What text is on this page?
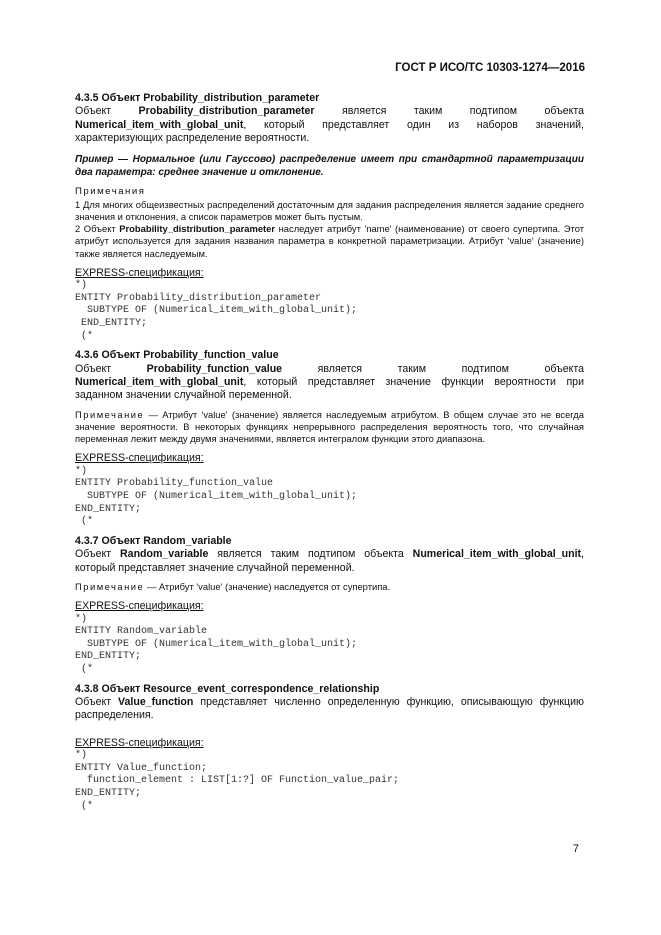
ГОСТ Р ИСО/ТС 10303-1274—2016

4.3.5 Объект Probability_distribution_parameter

Объект Probability_distribution_parameter является таким подтипом объекта Numerical_item_with_global_unit, который представляет один из наборов значений, характеризующих распределение вероятности.

Пример — Нормальное (или Гауссово) распределение имеет при стандартной параметризации два параметра: среднее значение и отклонение.

Примечания

1 Для многих общеизвестных распределений достаточным для задания распределения является задание среднего значения и отклонения, а список параметров может быть пустым.

2 Объект Probability_distribution_parameter наследует атрибут 'name' (наименование) от своего супертипа. Этот атрибут используется для задания названия параметра в конкретной параметризации. Атрибут 'value' (значение) также является наследуемым.

EXPRESS-спецификация:

*)
ENTITY Probability_distribution_parameter
SUBTYPE OF (Numerical_item_with_global_unit);
END_ENTITY;
(*

4.3.6 Объект Probability_function_value

Объект Probability_function_value является таким подтипом объекта Numerical_item_with_global_unit, который представляет значение функции вероятности при заданном значении случайной переменной.

Примечание — Атрибут 'value' (значение) является наследуемым атрибутом. В общем случае это не всегда значение вероятности. В некоторых функциях непрерывного распределения вероятность того, что случайная переменная лежит между двумя значениями, является интегралом функции этого диапазона.

EXPRESS-спецификация:

*)
ENTITY Probability_function_value
SUBTYPE OF (Numerical_item_with_global_unit);
END_ENTITY;
(*

4.3.7 Объект Random_variable

Объект Random_variable является таким подтипом объекта Numerical_item_with_global_unit, который представляет значение случайной переменной.

Примечание — Атрибут 'value' (значение) наследуется от супертипа.

EXPRESS-спецификация:

*)
ENTITY Random_variable
SUBTYPE OF (Numerical_item_with_global_unit);
END_ENTITY;
(*

4.3.8 Объект Resource_event_correspondence_relationship

Объект Value_function представляет численно определенную функцию, описывающую функцию распределения.

EXPRESS-спецификация:

*)
ENTITY Value_function;
function_element : LIST[1:?] OF Function_value_pair;
END_ENTITY;
(*
7
